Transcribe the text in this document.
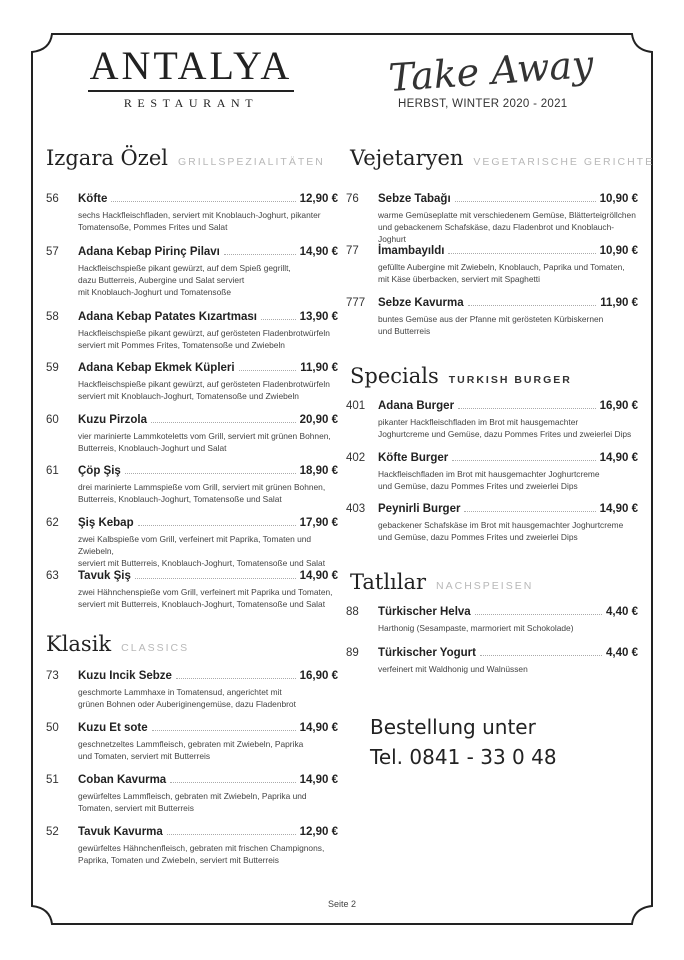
ANTALYA
RESTAURANT
Take Away
HERBST, WINTER 2020 - 2021
Izgara Özel GRILLSPEZIALITÄTEN
Klasik CLASSICS
Vejetaryen VEGETARISCHE GERICHTE
Specials TURKISH BURGER
Tatlılar NACHSPEISEN
56	Köfte	12,90 €
sechs Hackfleischfladen, serviert mit Knoblauch-Joghurt, pikanter
Tomatensoße, Pommes Frites und Salat
57	Adana Kebap Pirinç Pilavı	14,90 €
Hackfleischspieße pikant gewürzt, auf dem Spieß gegrillt,
dazu Butterreis, Aubergine und Salat serviert
mit Knoblauch-Joghurt und Tomatensoße
58	Adana Kebap Patates Kızartması	13,90 €
Hackfleischspieße pikant gewürzt, auf gerösteten Fladenbrotwürfeln
serviert mit Pommes Frites, Tomatensoße und Zwiebeln
59	Adana Kebap Ekmek Küpleri	11,90 €
Hackfleischspieße pikant gewürzt, auf gerösteten Fladenbrotwürfeln
serviert mit Knoblauch-Joghurt, Tomatensoße und Zwiebeln
60	Kuzu Pirzola	20,90 €
vier marinierte Lammkoteletts vom Grill, serviert mit grünen Bohnen,
Butterreis, Knoblauch-Joghurt und Salat
61	Çöp Şiş	18,90 €
drei marinierte Lammspieße vom Grill, serviert mit grünen Bohnen,
Butterreis, Knoblauch-Joghurt, Tomatensoße und Salat
62	Şiş Kebap	17,90 €
zwei Kalbspieße vom Grill, verfeinert mit Paprika, Tomaten und Zwiebeln,
serviert mit Butterreis, Knoblauch-Joghurt, Tomatensoße und Salat
63	Tavuk Şiş	14,90 €
zwei Hähnchenspieße vom Grill, verfeinert mit Paprika und Tomaten,
serviert mit Butterreis, Knoblauch-Joghurt, Tomatensoße und Salat
73	Kuzu Incik Sebze	16,90 €
geschmorte Lammhaxe in Tomatensud, angerichtet mit
grünen Bohnen oder Auberiginengemüse, dazu Fladenbrot
50	Kuzu Et sote	14,90 €
geschnetzeltes Lammfleisch, gebraten mit Zwiebeln, Paprika
und Tomaten, serviert mit Butterreis
51	Coban Kavurma	14,90 €
gewürfeltes Lammfleisch, gebraten mit Zwiebeln, Paprika und
Tomaten, serviert mit Butterreis
52	Tavuk Kavurma	12,90 €
gewürfeltes Hähnchenfleisch, gebraten mit frischen Champignons,
Paprika, Tomaten und Zwiebeln, serviert mit Butterreis
76	Sebze Tabağı	10,90 €
warme Gemüseplatte mit verschiedenem Gemüse, Blätterteigröllchen
und gebackenem Schafskäse, dazu Fladenbrot und Knoblauch-Joghurt
77	İmambayıldı	10,90 €
gefüllte Aubergine mit Zwiebeln, Knoblauch, Paprika und Tomaten,
mit Käse überbacken, serviert mit Spaghetti
777	Sebze Kavurma	11,90 €
buntes Gemüse aus der Pfanne mit gerösteten Kürbiskernen
und Butterreis
401	Adana Burger	16,90 €
pikanter Hackfleischfladen im Brot mit hausgemachter
Joghurtcreme und Gemüse, dazu Pommes Frites und zweierlei Dips
402	Köfte Burger	14,90 €
Hackfleischfladen im Brot mit hausgemachter Joghurtcreme
und Gemüse, dazu Pommes Frites und zweierlei Dips
403	Peynirli Burger	14,90 €
gebackener Schafskäse im Brot mit hausgemachter Joghurtcreme
und Gemüse, dazu Pommes Frites und zweierlei Dips
88	Türkischer Helva	4,40 €
Harthonig (Sesampaste, marmoriert mit Schokolade)
89	Türkischer Yogurt	4,40 €
verfeinert mit Waldhonig und Walnüssen
Bestellung unter
Tel. 0841 - 33 0 48
Seite 2
